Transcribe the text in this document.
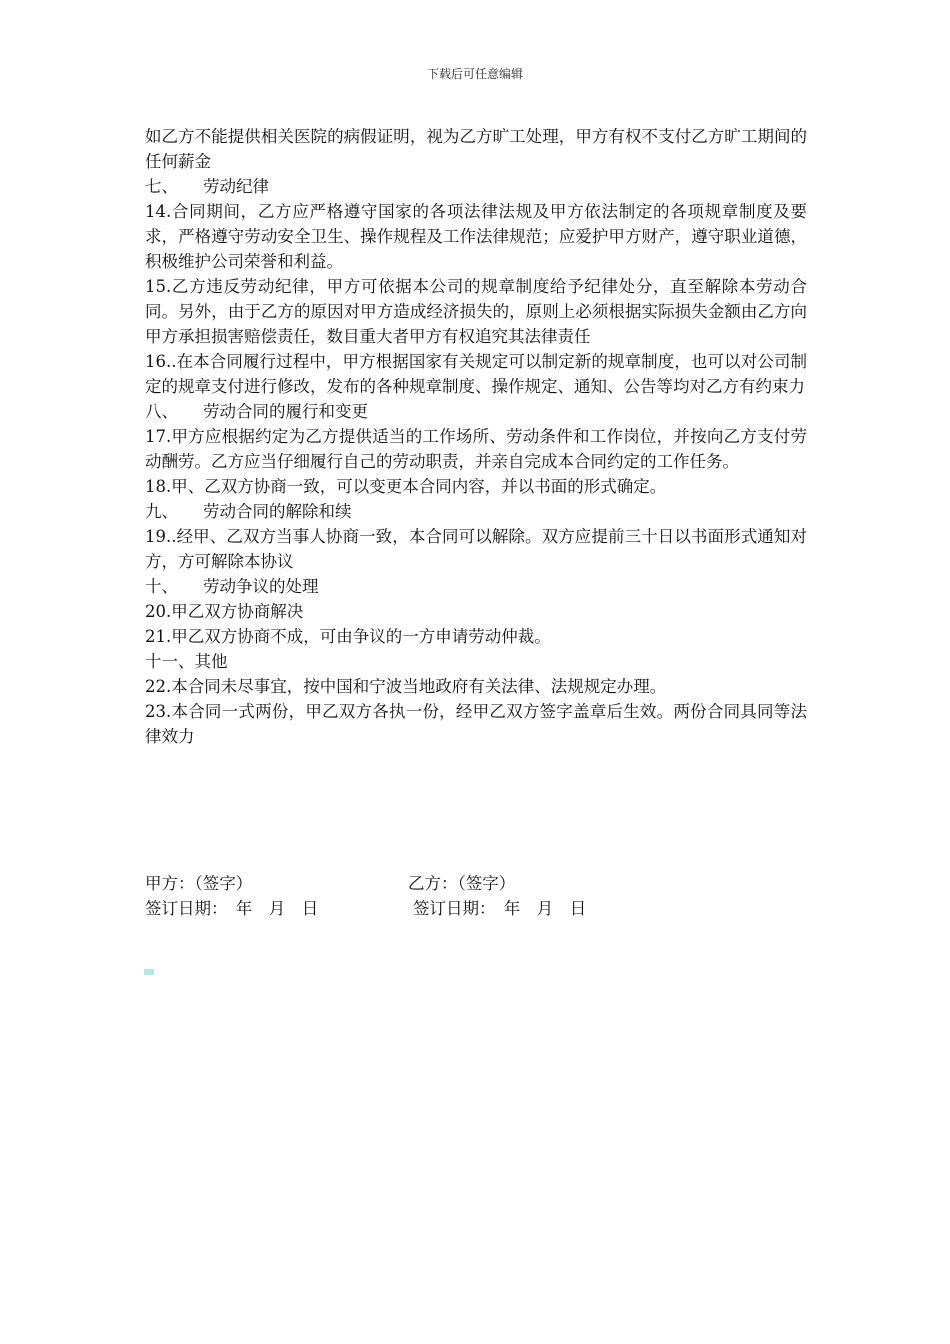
下载后可任意编辑

如乙方不能提供相关医院的病假证明，视为乙方旷工处理，甲方有权不支付乙方旷工期间的任何薪金

七、 劳动纪律

14.合同期间，乙方应严格遵守国家的各项法律法规及甲方依法制定的各项规章制度及要求，严格遵守劳动安全卫生、操作规程及工作法律规范；应爱护甲方财产，遵守职业道德，积极维护公司荣誉和利益。

15.乙方违反劳动纪律，甲方可依据本公司的规章制度给予纪律处分，直至解除本劳动合同。另外，由于乙方的原因对甲方造成经济损失的，原则上必须根据实际损失金额由乙方向甲方承担损害赔偿责任，数目重大者甲方有权追究其法律责任

16..在本合同履行过程中，甲方根据国家有关规定可以制定新的规章制度，也可以对公司制定的规章支付进行修改，发布的各种规章制度、操作规定、通知、公告等均对乙方有约束力

八、 劳动合同的履行和变更

17.甲方应根据约定为乙方提供适当的工作场所、劳动条件和工作岗位，并按向乙方支付劳动酬劳。乙方应当仔细履行自己的劳动职责，并亲自完成本合同约定的工作任务。

18.甲、乙双方协商一致，可以变更本合同内容，并以书面的形式确定。

九、 劳动合同的解除和续

19..经甲、乙双方当事人协商一致，本合同可以解除。双方应提前三十日以书面形式通知对方，方可解除本协议

十、 劳动争议的处理

20.甲乙双方协商解决

21.甲乙双方协商不成，可由争议的一方申请劳动仲裁。

十一、其他

22.本合同未尽事宜，按中国和宁波当地政府有关法律、法规规定办理。

23.本合同一式两份，甲乙双方各执一份，经甲乙双方签字盖章后生效。两份合同具同等法律效力

甲方：（签字）	乙方：（签字）
签订日期：　年　月　日	签订日期：　年　月　日
